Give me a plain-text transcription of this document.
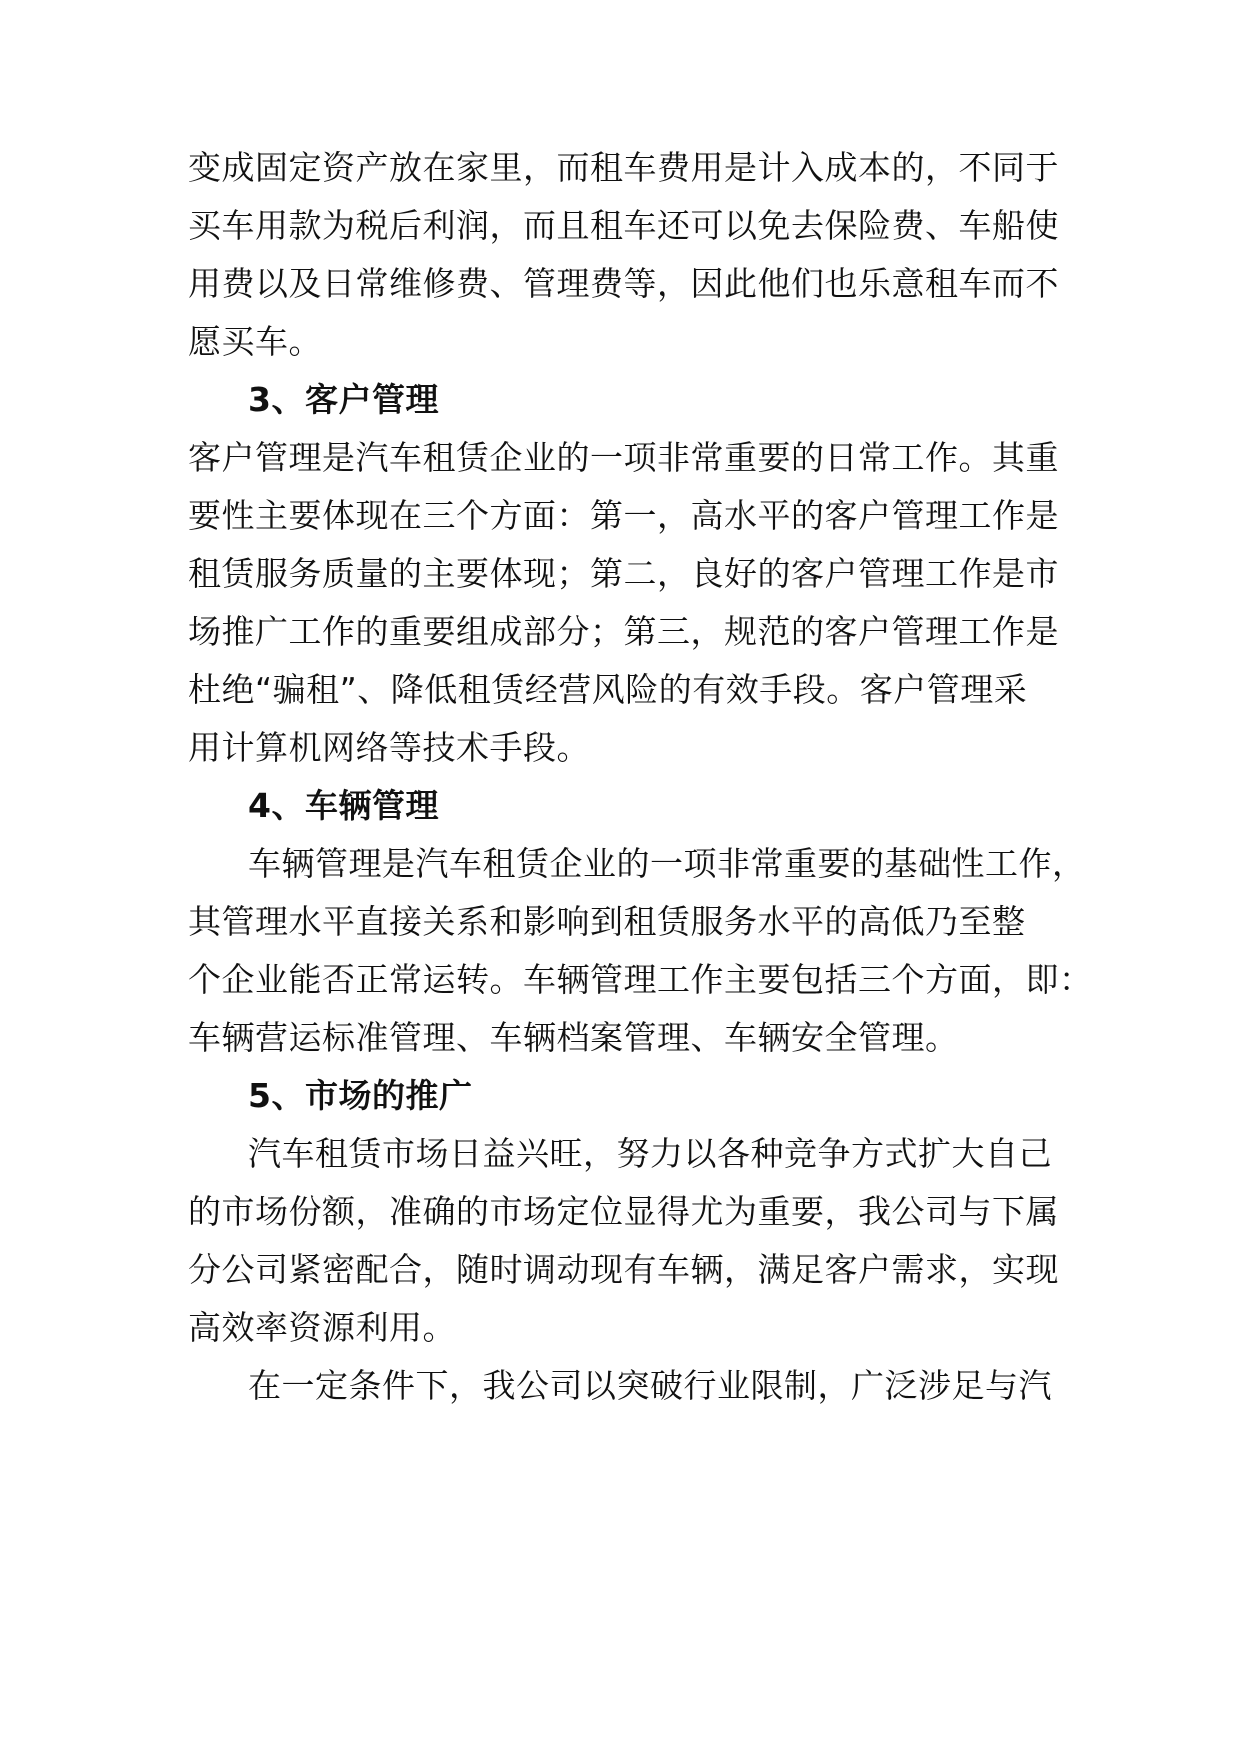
变成固定资产放在家里，而租车费用是计入成本的，不同于
买车用款为税后利润，而且租车还可以免去保险费、车船使
用费以及日常维修费、管理费等，因此他们也乐意租车而不
愿买车。
3、客户管理
客户管理是汽车租赁企业的一项非常重要的日常工作。其重
要性主要体现在三个方面：第一，高水平的客户管理工作是
租赁服务质量的主要体现；第二，良好的客户管理工作是市
场推广工作的重要组成部分；第三，规范的客户管理工作是
杜绝“骗租”、降低租赁经营风险的有效手段。客户管理采
用计算机网络等技术手段。
4、车辆管理
车辆管理是汽车租赁企业的一项非常重要的基础性工作，
其管理水平直接关系和影响到租赁服务水平的高低乃至整
个企业能否正常运转。车辆管理工作主要包括三个方面，即：
车辆营运标准管理、车辆档案管理、车辆安全管理。
5、市场的推广
汽车租赁市场日益兴旺，努力以各种竞争方式扩大自己
的市场份额，准确的市场定位显得尤为重要，我公司与下属
分公司紧密配合，随时调动现有车辆，满足客户需求，实现
高效率资源利用。
在一定条件下，我公司以突破行业限制，广泛涉足与汽
